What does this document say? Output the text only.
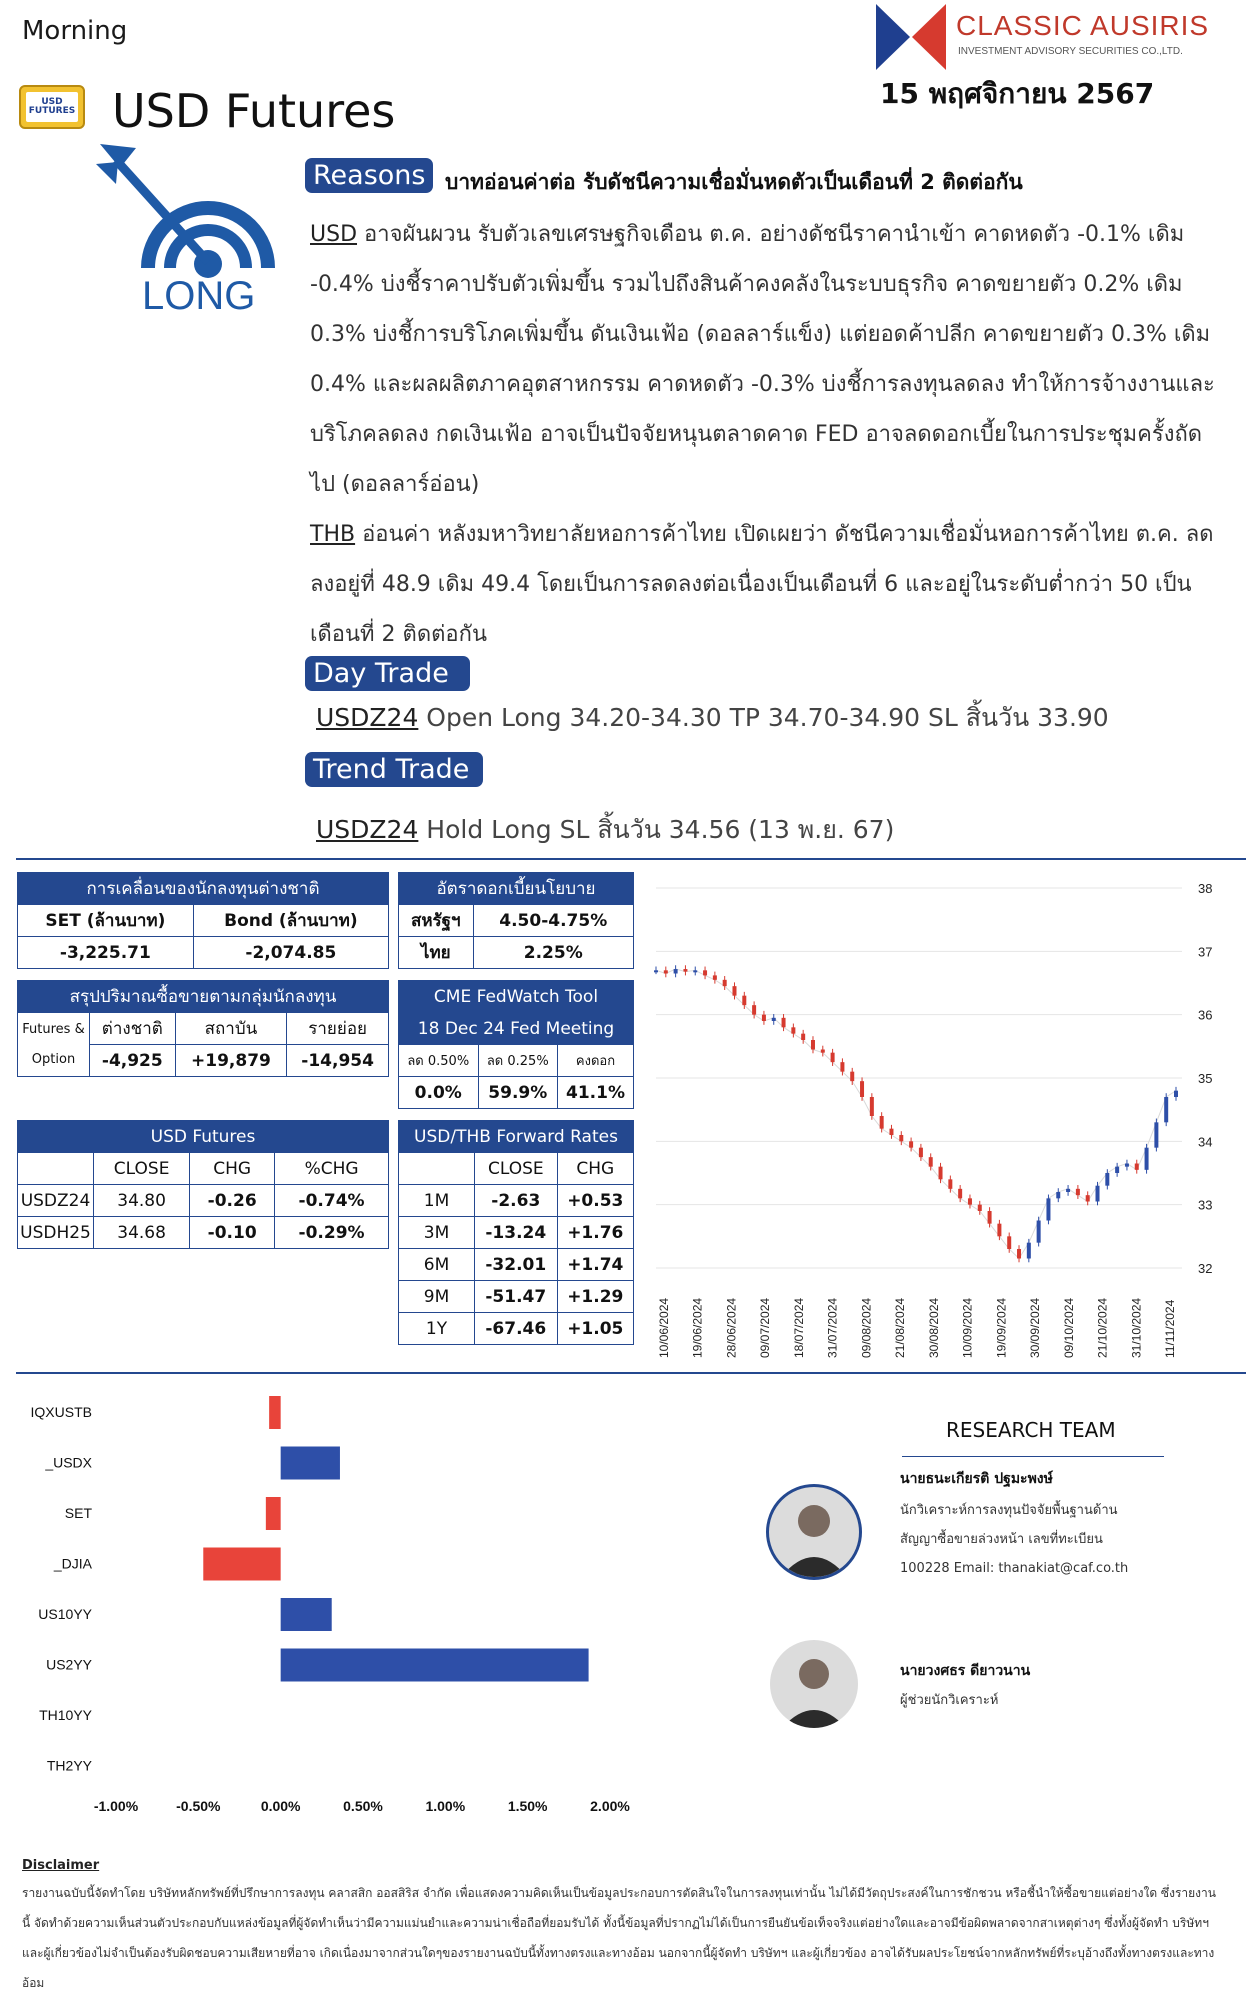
Morning	CLASSIC AUSIRIS
INVESTMENT ADVISORY SECURITIES CO.,LTD.
15 พฤศจิกายน 2567
USD FUTURES USD Futures
LONG
Reasons บาทอ่อนค่าต่อ รับดัชนีความเชื่อมั่นหดตัวเป็นเดือนที่ 2 ติดต่อกัน
USD อาจผันผวน รับตัวเลขเศรษฐกิจเดือน ต.ค. อย่างดัชนีราคานำเข้า คาดหดตัว -0.1% เดิม -0.4% บ่งชี้ราคาปรับตัวเพิ่มขึ้น รวมไปถึงสินค้าคงคลังในระบบธุรกิจ คาดขยายตัว 0.2% เดิม 0.3% บ่งชี้การบริโภคเพิ่มขึ้น ดันเงินเฟ้อ (ดอลลาร์แข็ง) แต่ยอดค้าปลีก คาดขยายตัว 0.3% เดิม 0.4% และผลผลิตภาคอุตสาหกรรม คาดหดตัว -0.3% บ่งชี้การลงทุนลดลง ทำให้การจ้างงานและบริโภคลดลง กดเงินเฟ้อ อาจเป็นปัจจัยหนุนตลาดคาด FED อาจลดดอกเบี้ยในการประชุมครั้งถัดไป (ดอลลาร์อ่อน)
THB อ่อนค่า หลังมหาวิทยาลัยหอการค้าไทย เปิดเผยว่า ดัชนีความเชื่อมั่นหอการค้าไทย ต.ค. ลดลงอยู่ที่ 48.9 เดิม 49.4 โดยเป็นการลดลงต่อเนื่องเป็นเดือนที่ 6 และอยู่ในระดับต่ำกว่า 50 เป็นเดือนที่ 2 ติดต่อกัน
Day Trade
USDZ24 Open Long 34.20-34.30 TP 34.70-34.90 SL สิ้นวัน 33.90
Trend Trade
USDZ24 Hold Long SL สิ้นวัน 34.56 (13 พ.ย. 67)
การเคลื่อนของนักลงทุนต่างชาติ	
SET (ล้านบาท)	Bond (ล้านบาท)
-3,225.71	-2,074.85
อัตราดอกเบี้ยนโยบาย	
สหรัฐฯ	4.50-4.75%
ไทย	2.25%
สรุปปริมาณซื้อขายตามกลุ่มนักลงทุน			
Futures &
Option	ต่างชาติ	สถาบัน	รายย่อย
	-4,925	+19,879	-14,954
CME FedWatch Tool		
18 Dec 24 Fed Meeting		
ลด 0.50%	ลด 0.25%	คงดอก
0.0%	59.9%	41.1%
USD Futures			
	CLOSE	CHG	%CHG
USDZ24	34.80	-0.26	-0.74%
USDH25	34.68	-0.10	-0.29%
USD/THB Forward Rates		
	CLOSE	CHG
1M	-2.63	+0.53
3M	-13.24	+1.76
6M	-32.01	+1.74
9M	-51.47	+1.29
1Y	-67.46	+1.05
38
37
36
35
34
33
32
10/06/2024 19/06/2024 28/06/2024 09/07/2024 18/07/2024 31/07/2024 09/08/2024 21/08/2024 30/08/2024 10/09/2024 19/09/2024 30/09/2024 09/10/2024 21/10/2024 31/10/2024 11/11/2024
IQXUSTB
_USDX
SET
_DJIA
US10YY
US2YY
TH10YY
TH2YY
-1.00%	-0.50%	0.00%	0.50%	1.00%	1.50%	2.00%
RESEARCH TEAM
นายธนะเกียรติ ปฐมะพงษ์
นักวิเคราะห์การลงทุนปัจจัยพื้นฐานด้าน
สัญญาซื้อขายล่วงหน้า เลขที่ทะเบียน
100228 Email: thanakiat@caf.co.th
นายวงศธร ดียาวนาน
ผู้ช่วยนักวิเคราะห์
Disclaimer
รายงานฉบับนี้จัดทำโดย บริษัทหลักทรัพย์ที่ปรึกษาการลงทุน คลาสสิก ออสสิริส จำกัด เพื่อแสดงความคิดเห็นเป็นข้อมูลประกอบการตัดสินใจในการลงทุนเท่านั้น ไม่ได้มีวัตถุประสงค์ในการชักชวน หรือชี้นำให้ซื้อขายแต่อย่างใด ซึ่งรายงานนี้ จัดทำด้วยความเห็นส่วนตัวประกอบกับแหล่งข้อมูลที่ผู้จัดทำเห็นว่ามีความแม่นยำและความน่าเชื่อถือที่ยอมรับได้ ทั้งนี้ข้อมูลที่ปรากฏไม่ได้เป็นการยืนยันข้อเท็จจริงแต่อย่างใดและอาจมีข้อผิดพลาดจากสาเหตุต่างๆ ซึ่งทั้งผู้จัดทำ บริษัทฯ และผู้เกี่ยวข้องไม่จำเป็นต้องรับผิดชอบความเสียหายที่อาจ เกิดเนื่องมาจากส่วนใดๆของรายงานฉบับนี้ทั้งทางตรงและทางอ้อม นอกจากนี้ผู้จัดทำ บริษัทฯ และผู้เกี่ยวข้อง อาจได้รับผลประโยชน์จากหลักทรัพย์ที่ระบุอ้างถึงทั้งทางตรงและทางอ้อม
